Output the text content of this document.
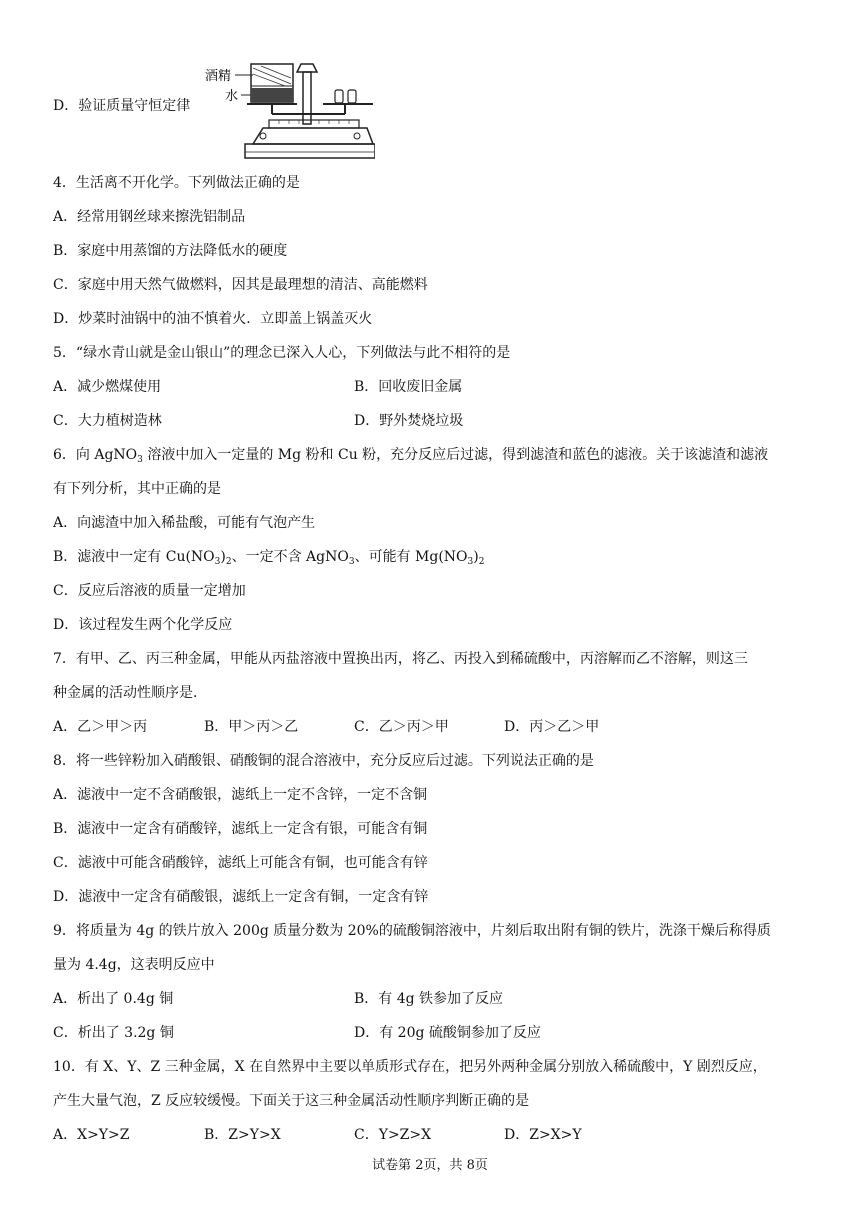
D．验证质量守恒定律
酒精
水
4．生活离不开化学。下列做法正确的是
A．经常用钢丝球来擦洗铝制品
B．家庭中用蒸馏的方法降低水的硬度
C．家庭中用天然气做燃料，因其是最理想的清洁、高能燃料
D．炒菜时油锅中的油不慎着火．立即盖上锅盖灭火
5．“绿水青山就是金山银山”的理念已深入人心，下列做法与此不相符的是
A．减少燃煤使用	B．回收废旧金属
C．大力植树造林	D．野外焚烧垃圾
6．向 AgNO$_3$ 溶液中加入一定量的 Mg 粉和 Cu 粉，充分反应后过滤，得到滤渣和蓝色的滤液。关于该滤渣和滤液
有下列分析，其中正确的是
A．向滤渣中加入稀盐酸，可能有气泡产生
B．滤液中一定有 $Cu(NO_3)_2$、一定不含 AgNO$_3$、可能有 $Mg(NO_3)_2$
C．反应后溶液的质量一定增加
D．该过程发生两个化学反应
7．有甲、乙、丙三种金属，甲能从丙盐溶液中置换出丙，将乙、丙投入到稀硫酸中，丙溶解而乙不溶解，则这三
种金属的活动性顺序是．
A．乙＞甲＞丙	B．甲＞丙＞乙	C．乙＞丙＞甲	D．丙＞乙＞甲
8．将一些锌粉加入硝酸银、硝酸铜的混合溶液中，充分反应后过滤。下列说法正确的是
A．滤液中一定不含硝酸银，滤纸上一定不含锌，一定不含铜
B．滤液中一定含有硝酸锌，滤纸上一定含有银，可能含有铜
C．滤液中可能含硝酸锌，滤纸上可能含有铜，也可能含有锌
D．滤液中一定含有硝酸银，滤纸上一定含有铜，一定含有锌
9．将质量为 4g 的铁片放入 200g 质量分数为 20%的硫酸铜溶液中，片刻后取出附有铜的铁片，洗涤干燥后称得质
量为 4.4g，这表明反应中
A．析出了 0.4g 铜	B．有 4g 铁参加了反应
C．析出了 3.2g 铜	D．有 20g 硫酸铜参加了反应
10．有 X、Y、Z 三种金属，X 在自然界中主要以单质形式存在，把另外两种金属分别放入稀硫酸中，Y 剧烈反应，
产生大量气泡，Z 反应较缓慢。下面关于这三种金属活动性顺序判断正确的是
A．X>Y>Z	B．Z>Y>X	C．Y>Z>X	D．Z>X>Y
试卷第 2页，共 8页
